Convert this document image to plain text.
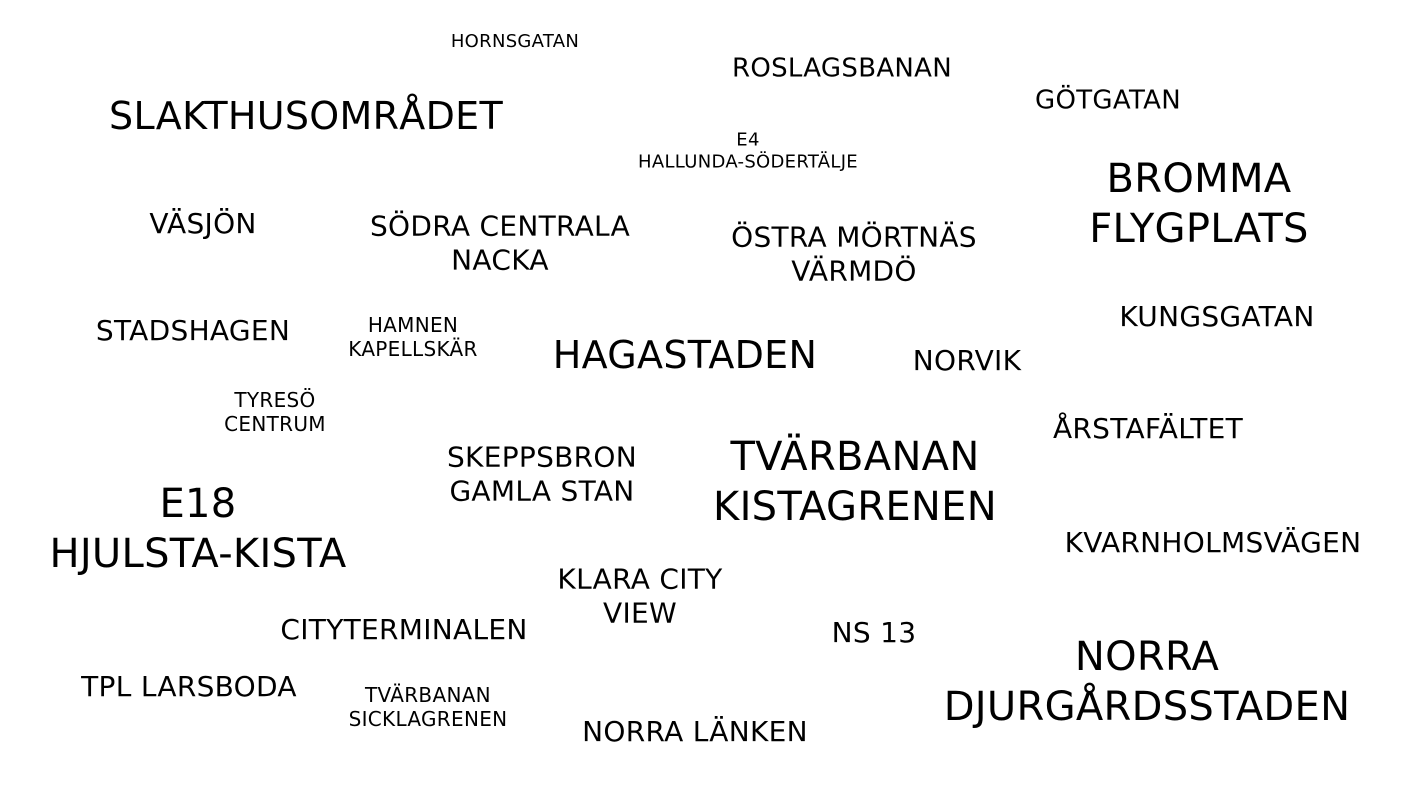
HORNSGATAN
ROSLAGSBANAN
GÖTGATAN
SLAKTHUSOMRÅDET
E4
HALLUNDA-SÖDERTÄLJE	BROMMA
FLYGPLATS
VÄSJÖN	SÖDRA CENTRALA
NACKA
ÖSTRA MÖRTNÄS
VÄRMDÖ
KUNGSGATAN
STADSHAGEN	HAMNEN
KAPELLSKÄR HAGASTADEN	NORVIK
TYRESÖ
CENTRUM	ÅRSTAFÄLTET
SKEPPSBRON
GAMLA STAN
TVÄRBANAN
KISTAGRENEN
E18
HJULSTA-KISTA	KVARNHOLMSVÄGEN
KLARA CITY
VIEW
CITYTERMINALEN	NS 13
NORRA
DJURGÅRDSSTADEN
TPL LARSBODA	TVÄRBANAN
SICKLAGRENEN	NORRA LÄNKEN
